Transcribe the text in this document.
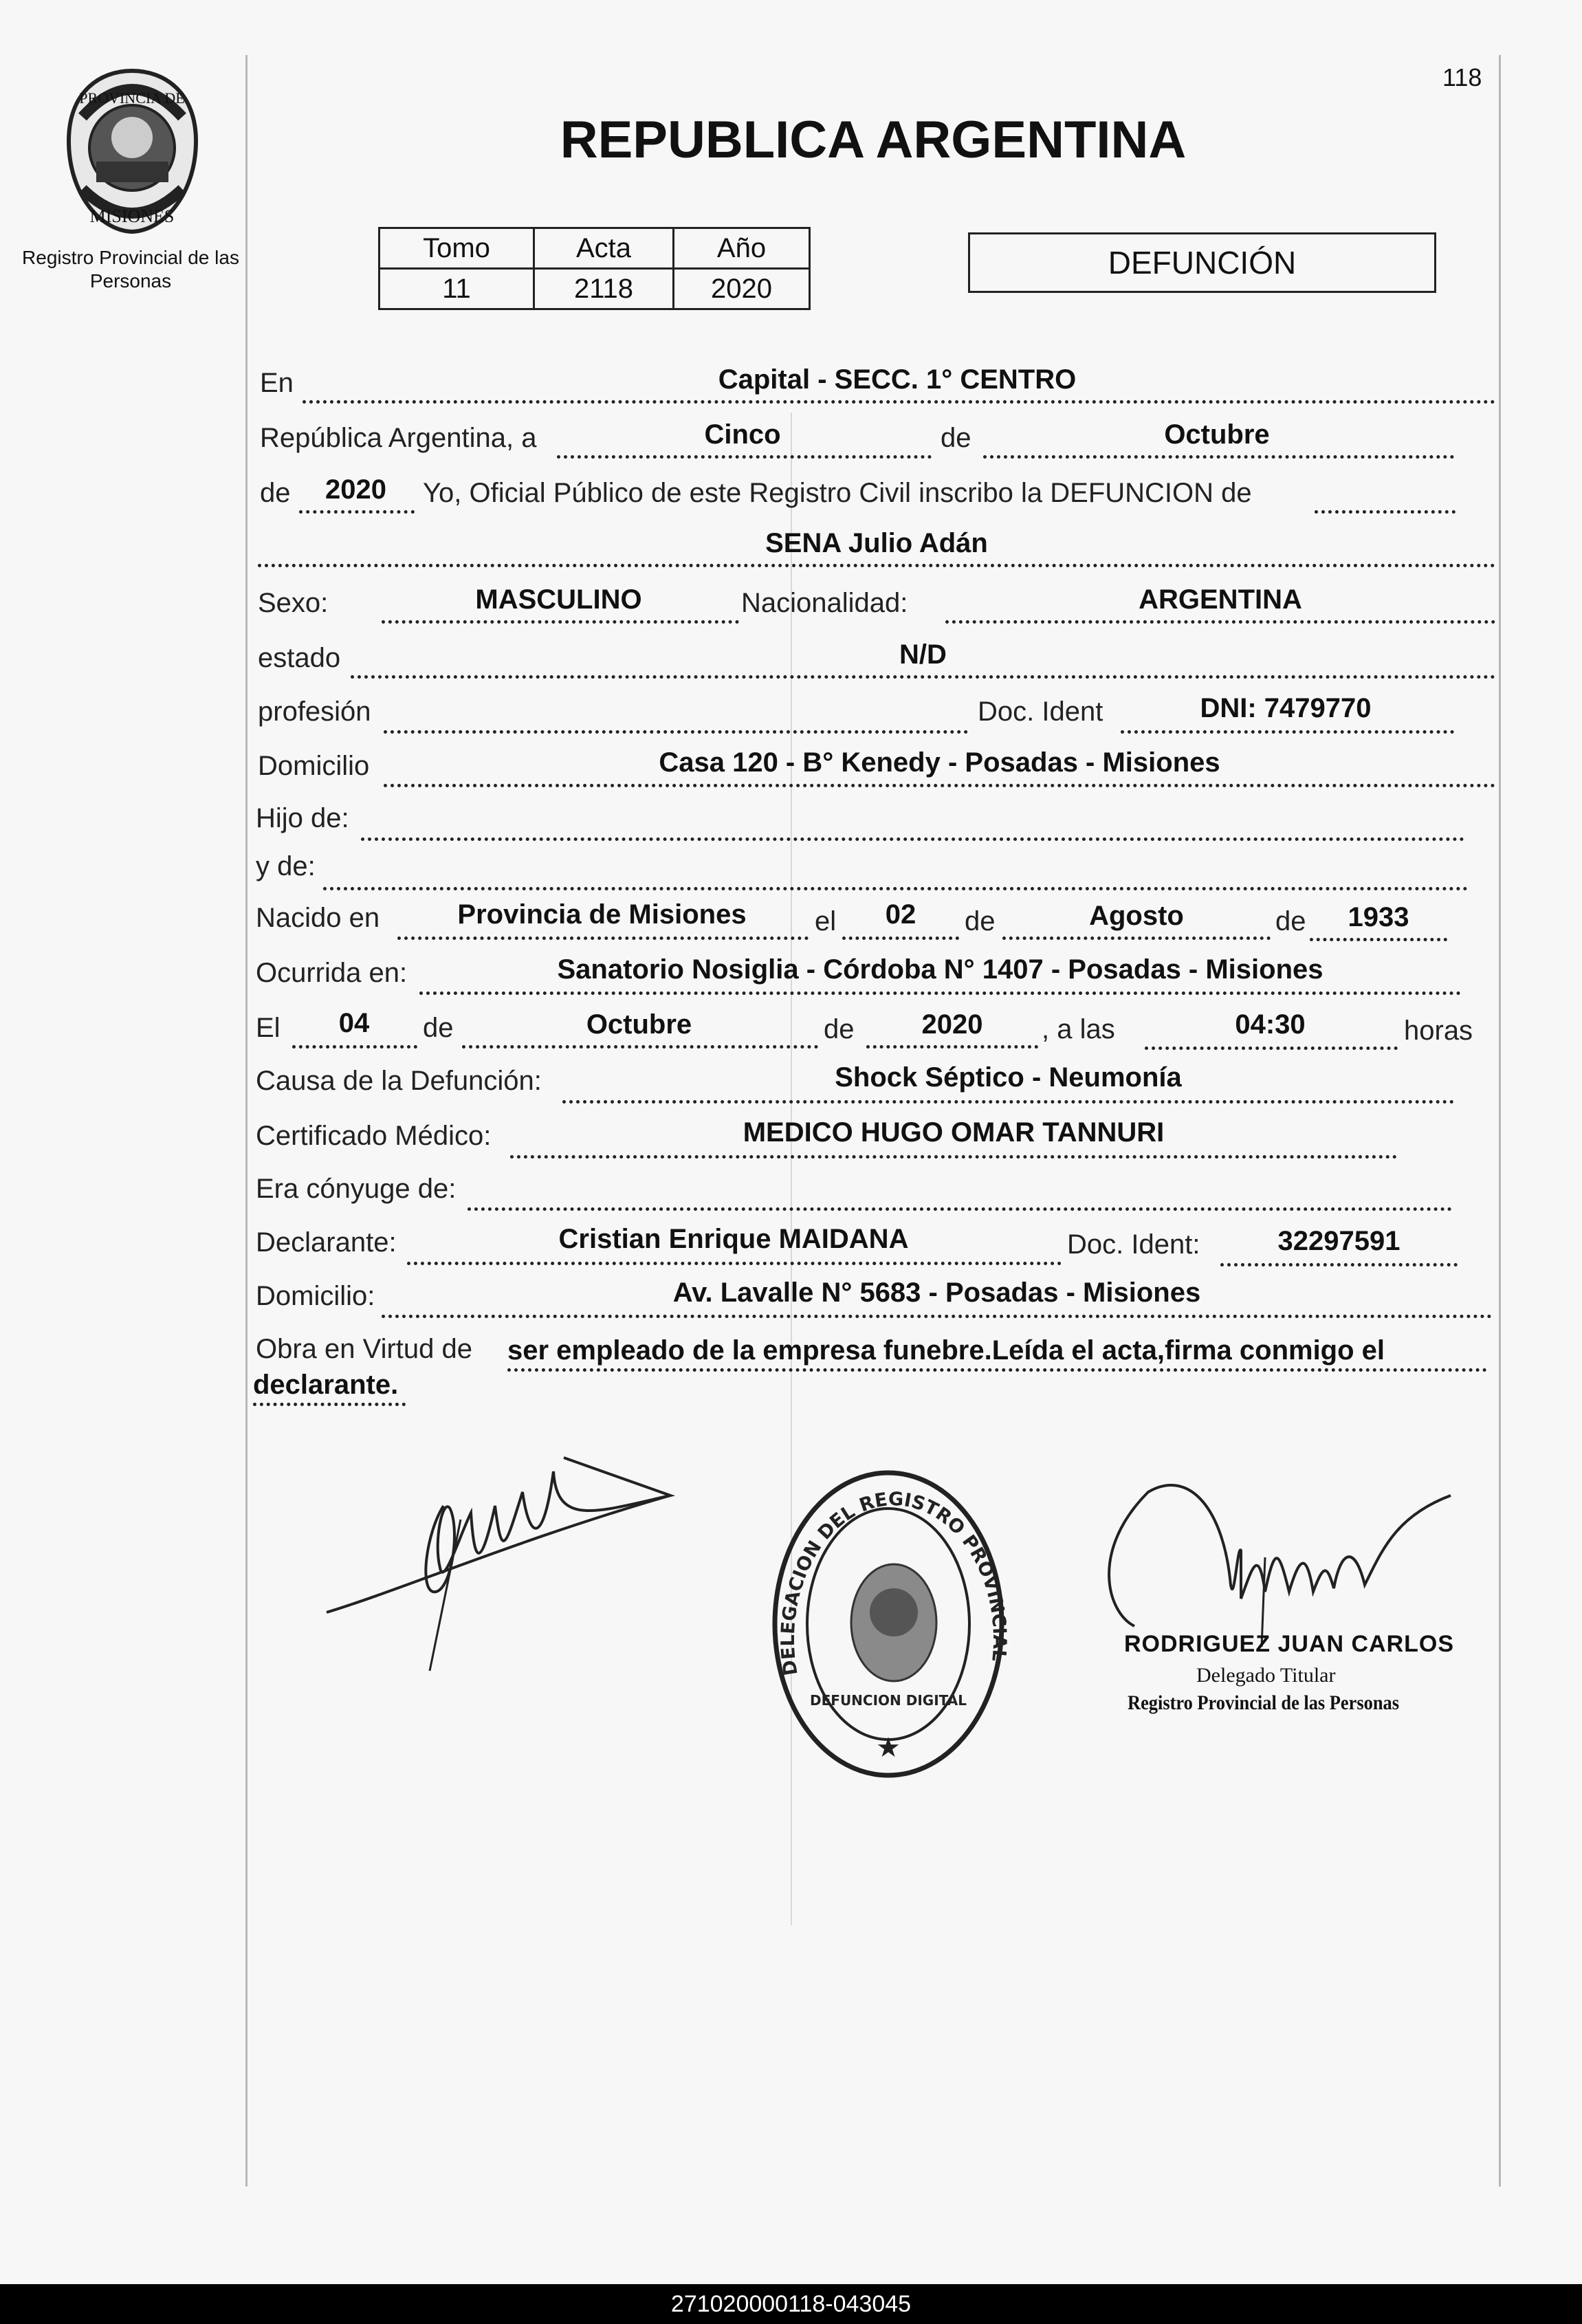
PROVINCIA DE
MISIONES
Registro Provincial de las Personas
118
REPUBLICA ARGENTINA
Tomo	Acta	Año
11	2118	2020
DEFUNCIÓN
En	Capital - SECC. 1° CENTRO
República Argentina, a	Cinco	de	Octubre
de	2020	Yo, Oficial Público de este Registro Civil inscribo la DEFUNCION de
SENA Julio Adán
Sexo:	MASCULINO	Nacionalidad:	ARGENTINA
estado	N/D
profesión	Doc. Ident	DNI: 7479770
Domicilio	Casa 120 - B° Kenedy - Posadas - Misiones
Hijo de:
y de:
Nacido en	Provincia de Misiones	el	02	de	Agosto	de	1933
Ocurrida en:	Sanatorio Nosiglia - Córdoba N° 1407 - Posadas - Misiones
El	04	de	Octubre	de	2020	, a las	04:30	horas
Causa de la Defunción:	Shock Séptico - Neumonía
Certificado Médico:	MEDICO HUGO OMAR TANNURI
Era cónyuge de:
Declarante:	Cristian Enrique MAIDANA	Doc. Ident:	32297591
Domicilio:	Av. Lavalle N° 5683 - Posadas - Misiones
Obra en Virtud de ser empleado de la empresa funebre.Leída el acta,firma conmigo el
declarante.
DELEGACION DEL REGISTRO PROVIN
★
DEFUNCION DIGITAL
RODRIGUEZ JUAN CARLOS
Delegado Titular
Registro Provincial de las Personas
271020000118-043045
